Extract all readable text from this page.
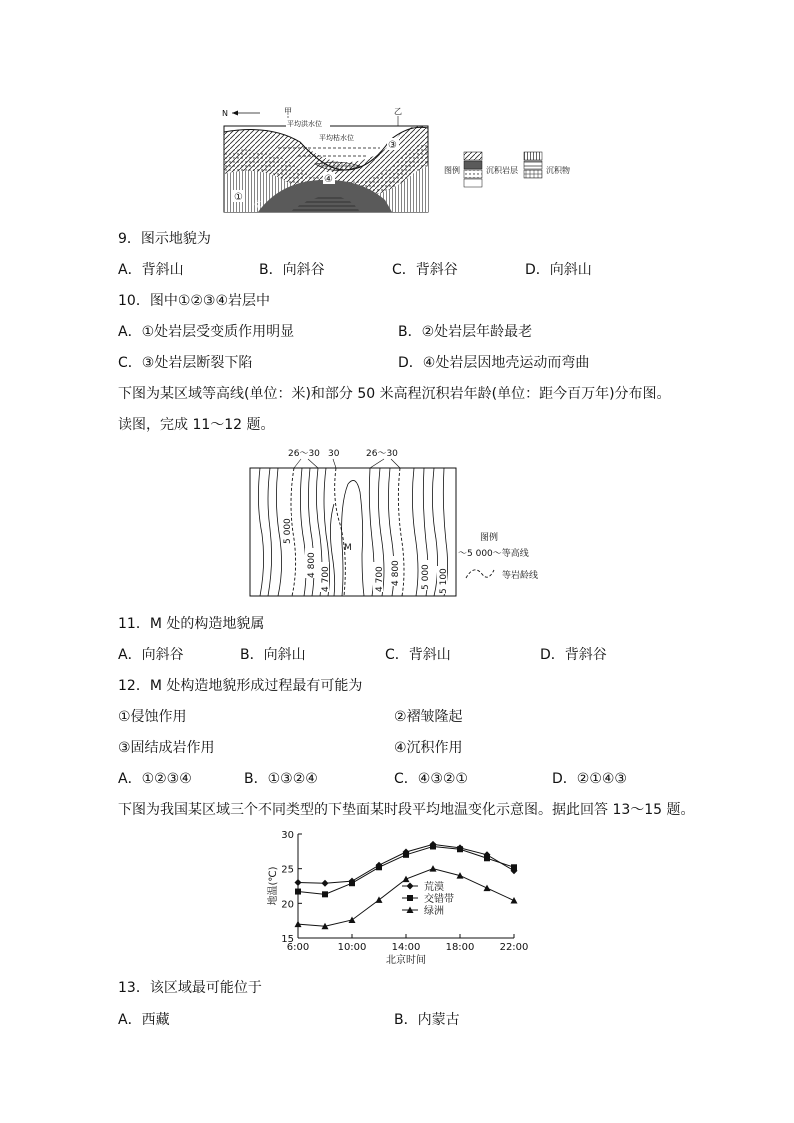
N	甲	乙
平均洪水位
平均枯水位
①
②
③
④
图例	沉积岩层	沉积物
9．图示地貌为
A．背斜山	B．向斜谷	C．背斜谷	D．向斜山
10．图中①②③④岩层中
A．①处岩层受变质作用明显	B．②处岩层年龄最老
C．③处岩层断裂下陷	D．④处岩层因地壳运动而弯曲
下图为某区域等高线(单位：米)和部分 50 米高程沉积岩年龄(单位：距今百万年)分布图。
读图，完成 11～12 题。
26～30 30	26～30
5 000
4 800
4 700	4 700 4 800 5 000 5 100
M
图例
～5 000～等高线
等岩龄线
11．M 处的构造地貌属
A．向斜谷	B．向斜山	C．背斜山	D．背斜谷
12．M 处构造地貌形成过程最有可能为
①侵蚀作用	②褶皱隆起
③固结成岩作用	④沉积作用
A．①②③④	B．①③②④	C．④③②①	D．②①④③
下图为我国某区域三个不同类型的下垫面某时段平均地温变化示意图。据此回答 13～15 题。
15
20
25
30
6:00	10:00	14:00	18:00	22:00
北京时间
地温(℃)	荒漠
交错带
绿洲
13．该区域最可能位于
A．西藏	B．内蒙古
